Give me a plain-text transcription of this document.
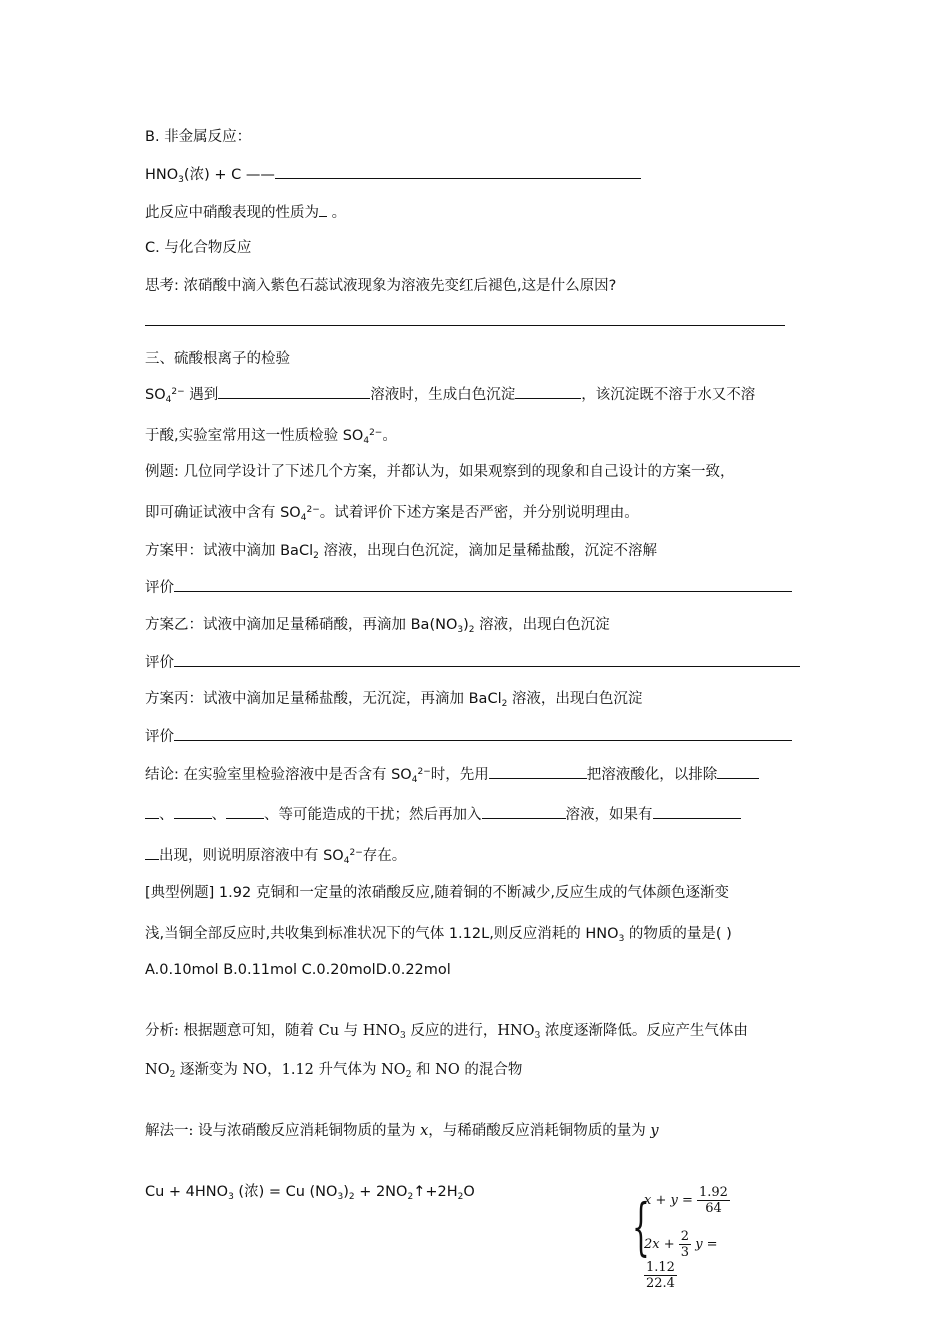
B. 非金属反应：
$HNO_3$(浓) + C ——
此反应中硝酸表现的性质为 。
C. 与化合物反应
思考: 浓硝酸中滴入紫色石蕊试液现象为溶液先变红后褪色,这是什么原因?
三、硫酸根离子的检验
$SO_4^{2-}$ 遇到	溶液时，生成白色沉淀	，该沉淀既不溶于水又不溶
于酸,实验室常用这一性质检验 $SO_4^{2-}$。
例题: 几位同学设计了下述几个方案，并都认为，如果观察到的现象和自己设计的方案一致，
即可确证试液中含有 $SO_4^{2-}$。试着评价下述方案是否严密，并分别说明理由。
方案甲：试液中滴加 BaCl$_2$ 溶液，出现白色沉淀，滴加足量稀盐酸，沉淀不溶解
评价
方案乙：试液中滴加足量稀硝酸，再滴加 $Ba(NO_3)_2$ 溶液，出现白色沉淀
评价
方案丙：试液中滴加足量稀盐酸，无沉淀，再滴加 BaCl$_2$ 溶液，出现白色沉淀
评价
结论: 在实验室里检验溶液中是否含有 $SO_4^{2-}$时，先用	把溶液酸化，以排除
、	、	、等可能造成的干扰；然后再加入	溶液，如果有
出现，则说明原溶液中有 $SO_4^{2-}$存在。
[典型例题] 1.92 克铜和一定量的浓硝酸反应,随着铜的不断减少,反应生成的气体颜色逐渐变
浅,当铜全部反应时,共收集到标准状况下的气体 1.12L,则反应消耗的 $HNO_3$ 的物质的量是( )
A.0.10mol B.0.11mol C.0.20molD.0.22mol
分析: 根据题意可知，随着 Cu 与 $HNO_3$ 反应的进行，$HNO_3$ 浓度逐渐降低。反应产生气体由
$NO_2$ 逐渐变为 NO，1.12 升气体为 $NO_2$ 和 NO 的混合物
解法一: 设与浓硝酸反应消耗铜物质的量为 x，与稀硝酸反应消耗铜物质的量为 y
$Cu + 4HNO_3$ (浓) = Cu $(NO_3)_2$ + $2NO_2↑+2H_2O$	{
$x + y = \frac{1.92}{64}$
$2x + \frac{2}{3}$ y =
$\frac{1.12}{22.4}$
